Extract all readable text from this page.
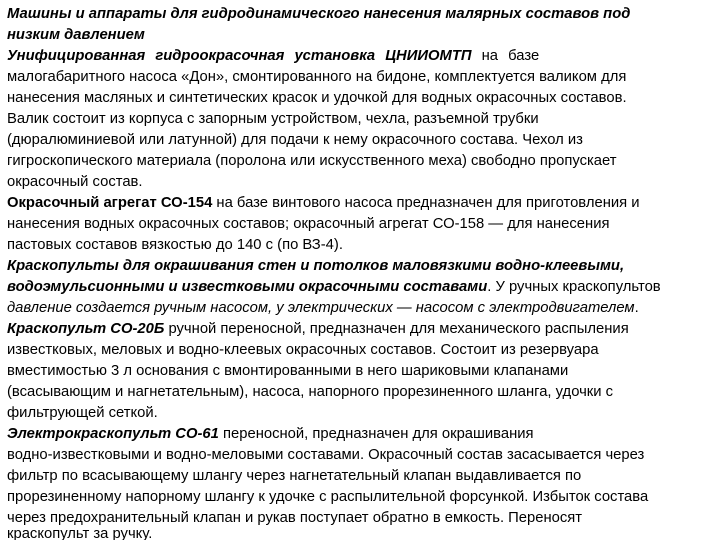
Машины и аппараты для гидродинамического нанесения малярных составов под
низким давлением
Унифицированная гидроокрасочная установка ЦНИИОМТП на базе
малогабаритного насоса «Дон», смонтированного на бидоне, комплектуется валиком для
нанесения масляных и синтетических красок и удочкой для водных окрасочных составов.
Валик состоит из корпуса с запорным устройством, чехла, разъемной трубки
(дюралюминиевой или латунной) для подачи к нему окрасочного состава. Чехол из
гигроскопического материала (поролона или искусственного меха) свободно пропускает
окрасочный состав.
Окрасочный агрегат СО-154 на базе винтового насоса предназначен для приготовления и
нанесения водных окрасочных составов; окрасочный агрегат СО-158 — для нанесения
пастовых составов вязкостью до 140 с (по ВЗ-4).
Краскопульты для окрашивания стен и потолков маловязкими водно-клеевыми,
водоэмульсионными и известковыми окрасочными составами. У ручных краскопультов
давление создается ручным насосом, у электрических — насосом с электродвигателем.
Краскопульт СО-20Б ручной переносной, предназначен для механического распыления
известковых, меловых и водно-клеевых окрасочных составов. Состоит из резервуара
вместимостью 3 л основания с вмонтированными в него шариковыми клапанами
(всасывающим и нагнетательным), насоса, напорного прорезиненного шланга, удочки с
фильтрующей сеткой.
Электрокраскопульт СО-61 переносной, предназначен для окрашивания
водно-известковыми и водно-меловыми составами. Окрасочный состав засасывается через
фильтр по всасывающему шлангу через нагнетательный клапан выдавливается по
прорезиненному напорному шлангу к удочке с распылительной форсункой. Избыток состава
через предохранительный клапан и рукав поступает обратно в емкость. Переносят
краскопульт за ручку.
